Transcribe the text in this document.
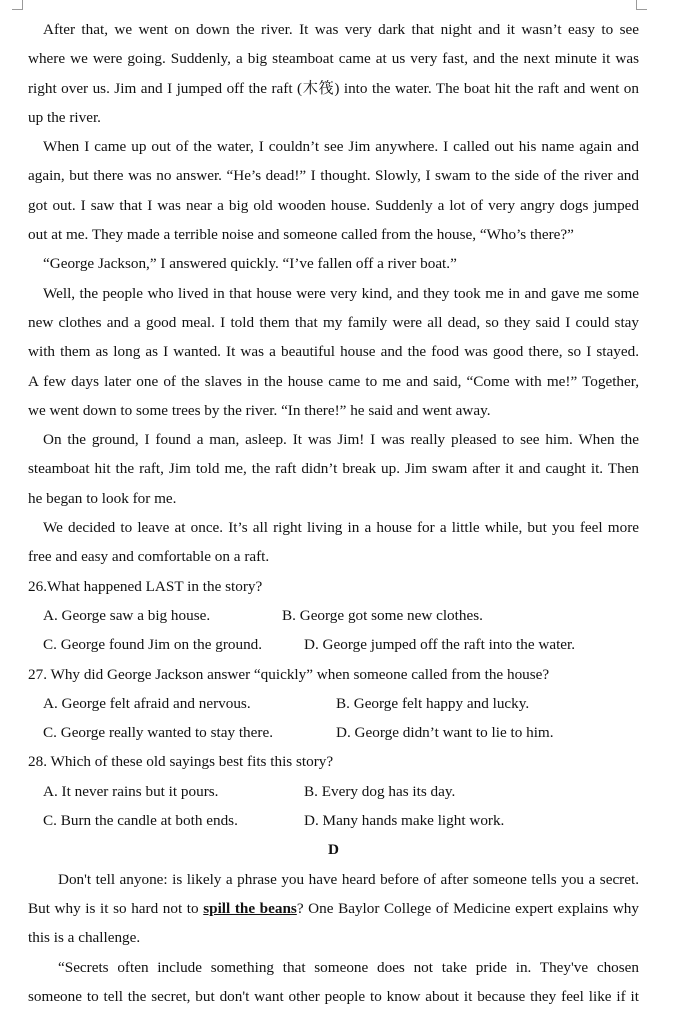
After that, we went on down the river. It was very dark that night and it wasn’t easy to see
where we were going. Suddenly, a big steamboat came at us very fast, and the next minute it was
right over us. Jim and I jumped off the raft (木筏) into the water. The boat hit the raft and went on
up the river.
When I came up out of the water, I couldn’t see Jim anywhere. I called out his name again and
again, but there was no answer. “He’s dead!” I thought. Slowly, I swam to the side of the river and
got out. I saw that I was near a big old wooden house. Suddenly a lot of very angry dogs jumped
out at me. They made a terrible noise and someone called from the house, “Who’s there?”
“George Jackson,” I answered quickly. “I’ve fallen off a river boat.”
Well, the people who lived in that house were very kind, and they took me in and gave me some
new clothes and a good meal. I told them that my family were all dead, so they said I could stay
with them as long as I wanted. It was a beautiful house and the food was good there, so I stayed.
A few days later one of the slaves in the house came to me and said, “Come with me!” Together,
we went down to some trees by the river. “In there!” he said and went away.
On the ground, I found a man, asleep. It was Jim! I was really pleased to see him. When the
steamboat hit the raft, Jim told me, the raft didn’t break up. Jim swam after it and caught it. Then
he began to look for me.
We decided to leave at once. It’s all right living in a house for a little while, but you feel more
free and easy and comfortable on a raft.
26.What happened LAST in the story?
A. George saw a big house.	B. George got some new clothes.
C. George found Jim on the ground.	D. George jumped off the raft into the water.
27. Why did George Jackson answer “quickly” when someone called from the house?
A. George felt afraid and nervous.	B. George felt happy and lucky.
C. George really wanted to stay there.	D. George didn’t want to lie to him.
28. Which of these old sayings best fits this story?
A. It never rains but it pours.	B. Every dog has its day.
C. Burn the candle at both ends.	D. Many hands make light work.
D
Don't tell anyone: is likely a phrase you have heard before of after someone tells you a secret.
But why is it so hard not to spill the beans? One Baylor College of Medicine expert explains why
this is a challenge.
“Secrets often include something that someone does not take pride in. They've chosen
someone to tell the secret, but don't want other people to know about it because they feel like if it
